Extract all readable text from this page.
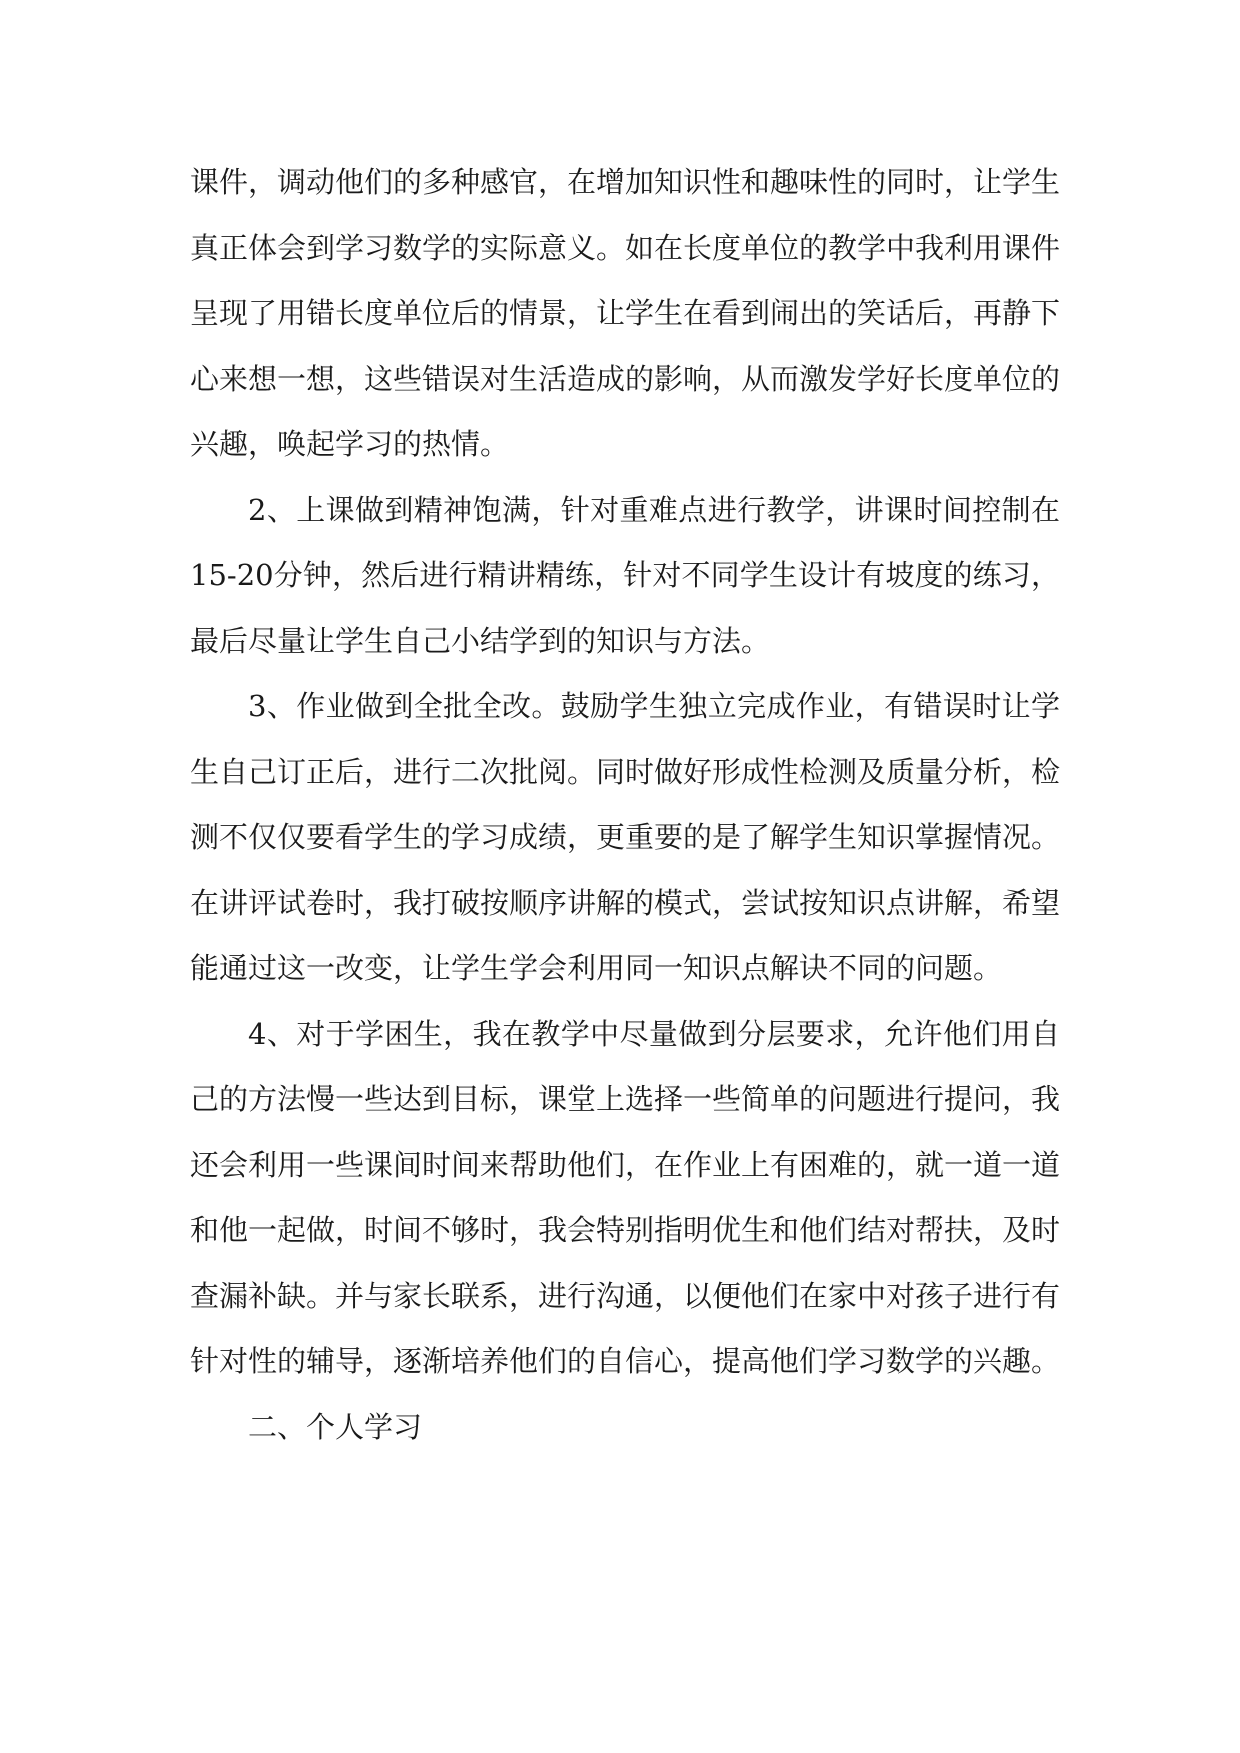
课件，调动他们的多种感官，在增加知识性和趣味性的同时，让学生真正体会到学习数学的实际意义。如在长度单位的教学中我利用课件呈现了用错长度单位后的情景，让学生在看到闹出的笑话后，再静下心来想一想，这些错误对生活造成的影响，从而激发学好长度单位的兴趣，唤起学习的热情。

2、上课做到精神饱满，针对重难点进行教学，讲课时间控制在15-20分钟，然后进行精讲精练，针对不同学生设计有坡度的练习，最后尽量让学生自己小结学到的知识与方法。

3、作业做到全批全改。鼓励学生独立完成作业，有错误时让学生自己订正后，进行二次批阅。同时做好形成性检测及质量分析，检测不仅仅要看学生的学习成绩，更重要的是了解学生知识掌握情况。在讲评试卷时，我打破按顺序讲解的模式，尝试按知识点讲解，希望能通过这一改变，让学生学会利用同一知识点解诀不同的问题。

4、对于学困生，我在教学中尽量做到分层要求，允许他们用自己的方法慢一些达到目标，课堂上选择一些简单的问题进行提问，我还会利用一些课间时间来帮助他们，在作业上有困难的，就一道一道和他一起做，时间不够时，我会特别指明优生和他们结对帮扶，及时查漏补缺。并与家长联系，进行沟通，以便他们在家中对孩子进行有针对性的辅导，逐渐培养他们的自信心，提高他们学习数学的兴趣。

二、个人学习
